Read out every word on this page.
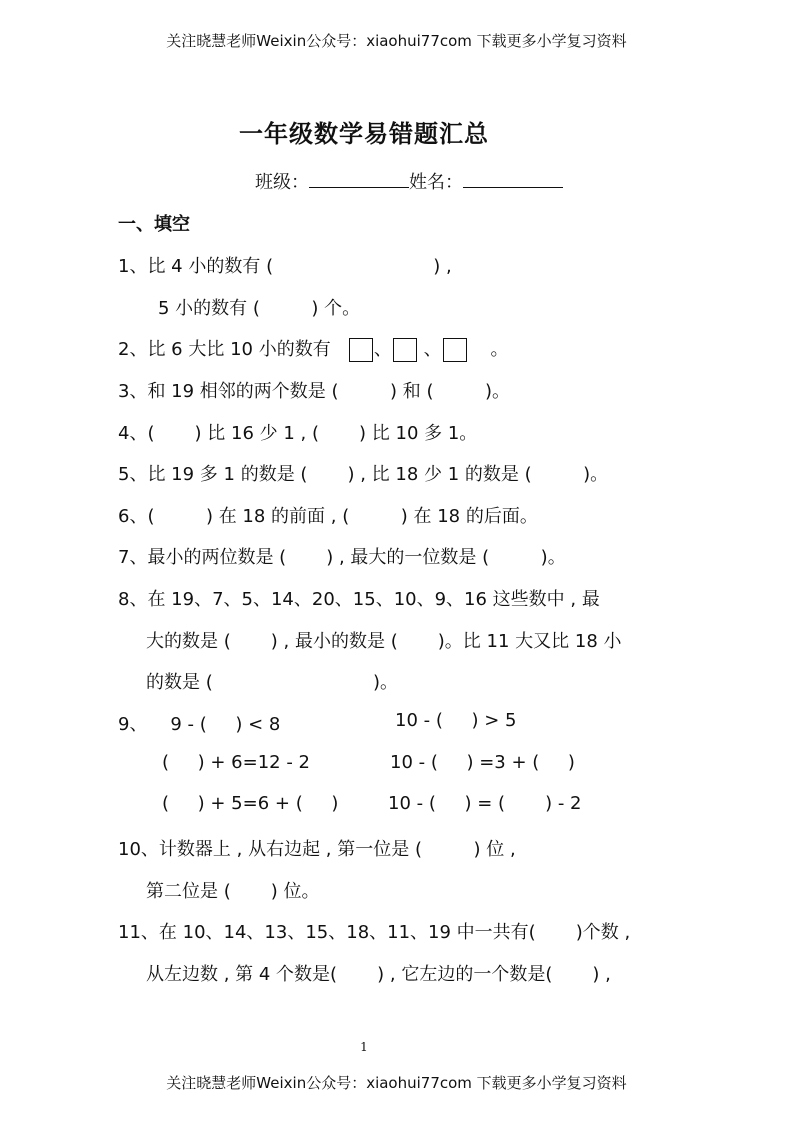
关注晓慧老师Weixin公众号：xiaohui77com 下载更多小学复习资料
一年级数学易错题汇总
班级：	姓名：
一、填空
1、比 4 小的数有 (                            ) ,
5 小的数有 (         ) 个。
2、比 6 大比 10 小的数有 、 、	。
3、和 19 相邻的两个数是 (         ) 和 (         )。
4、(       ) 比 16 少 1 , (       ) 比 10 多 1。
5、比 19 多 1 的数是 (       ) , 比 18 少 1 的数是 (         )。
6、(         ) 在 18 的前面 , (         ) 在 18 的后面。
7、最小的两位数是 (       ) , 最大的一位数是 (         )。
8、在 19、7、5、14、20、15、10、9、16 这些数中 , 最
大的数是 (       ) , 最小的数是 (       )。比 11 大又比 18 小
的数是 (                            )。
9、    9 - (     ) < 8	10 - (     ) > 5
(     ) + 6=12 - 2	10 - (     ) =3 + (     )
(     ) + 5=6 + (     )	10 - (     ) = (       ) - 2
10、计数器上 , 从右边起 , 第一位是 (         ) 位 ,
第二位是 (       ) 位。
11、在 10、14、13、15、18、11、19 中一共有(       )个数 ,
从左边数 , 第 4 个数是(       ) , 它左边的一个数是(       ) ,
1
关注晓慧老师Weixin公众号：xiaohui77com 下载更多小学复习资料
